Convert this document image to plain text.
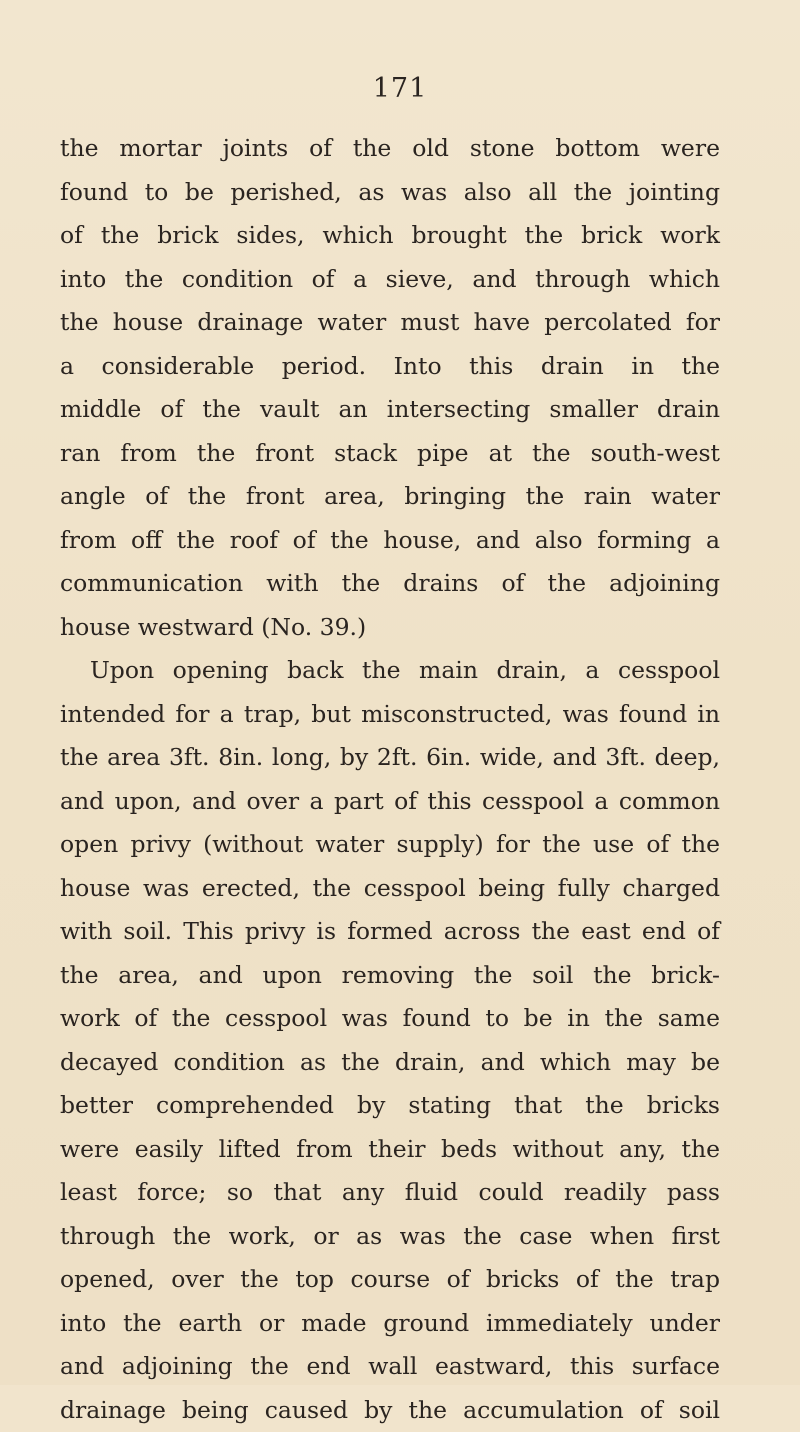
171
the mortar joints of the old stone bottom were
found to be perished, as was also all the jointing
of the brick sides, which brought the brick work
into the condition of a sieve, and through which
the house drainage water must have percolated for
a considerable period. Into this drain in the
middle of the vault an intersecting smaller drain
ran from the front stack pipe at the south-west
angle of the front area, bringing the rain water
from off the roof of the house, and also forming a
communication with the drains of the adjoining
house westward (No. 39.)
Upon opening back the main drain, a cesspool
intended for a trap, but misconstructed, was found in
the area 3ft. 8in. long, by 2ft. 6in. wide, and 3ft. deep,
and upon, and over a part of this cesspool a common
open privy (without water supply) for the use of the
house was erected, the cesspool being fully charged
with soil. This privy is formed across the east end of
the area, and upon removing the soil the brick-
work of the cesspool was found to be in the same
decayed condition as the drain, and which may be
better comprehended by stating that the bricks
were easily lifted from their beds without any, the
least force; so that any fluid could readily pass
through the work, or as was the case when first
opened, over the top course of bricks of the trap
into the earth or made ground immediately under
and adjoining the end wall eastward, this surface
drainage being caused by the accumulation of soil
